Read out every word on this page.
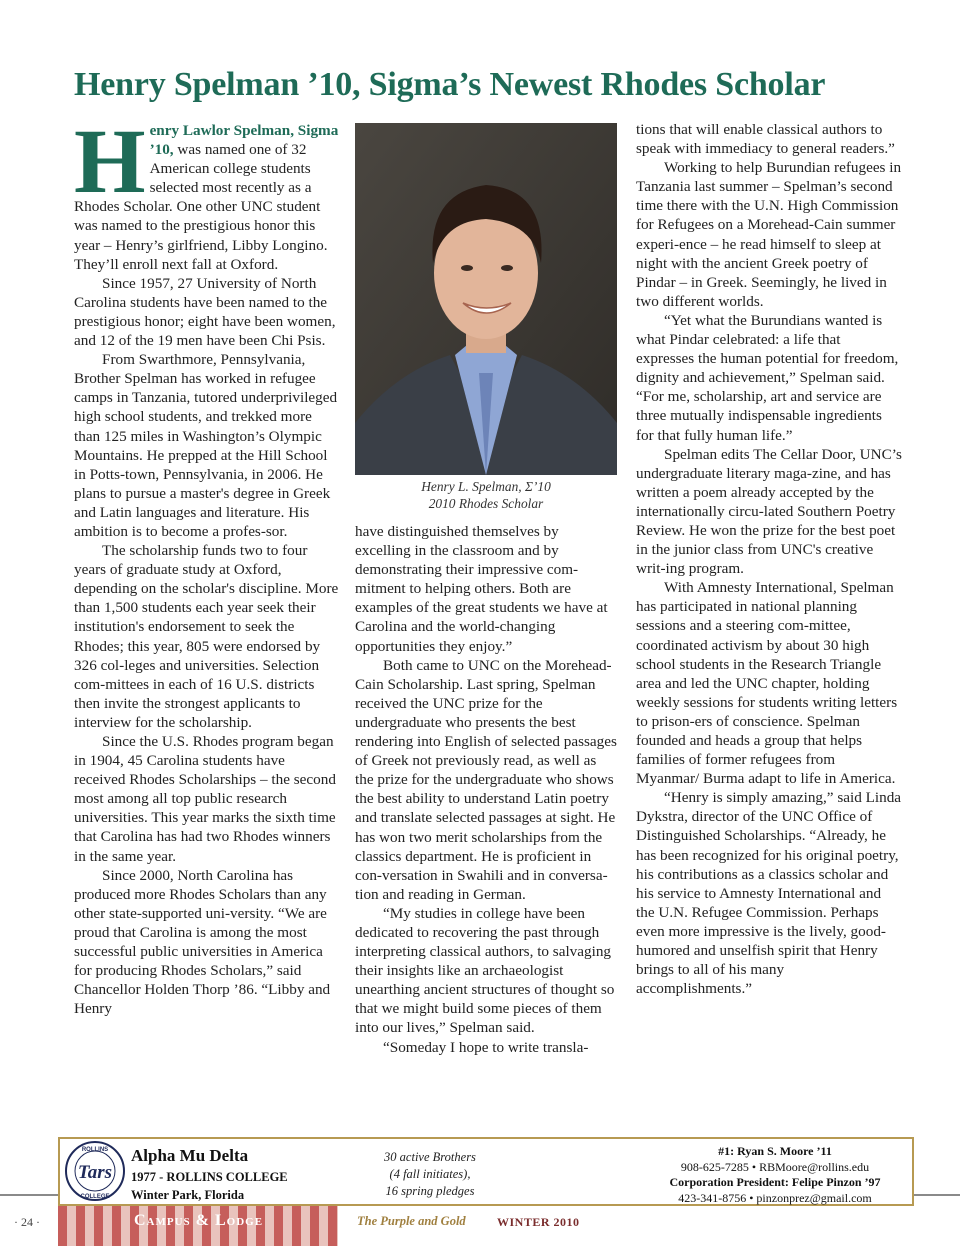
Henry Spelman ’10, Sigma’s Newest Rhodes Scholar

Henry Lawlor Spelman, Sigma ’10, was named one of 32 American college students selected most recently as a Rhodes Scholar. One other UNC student was named to the prestigious honor this year – Henry’s girlfriend, Libby Longino. They’ll enroll next fall at Oxford.

Since 1957, 27 University of North Carolina students have been named to the prestigious honor; eight have been women, and 12 of the 19 men have been Chi Psis.

From Swarthmore, Pennsylvania, Brother Spelman has worked in refugee camps in Tanzania, tutored underprivileged high school students, and trekked more than 125 miles in Washington’s Olympic Mountains. He prepped at the Hill School in Potts-town, Pennsylvania, in 2006. He plans to pursue a master's degree in Greek and Latin languages and literature. His ambition is to become a profes-sor.

The scholarship funds two to four years of graduate study at Oxford, depending on the scholar's discipline. More than 1,500 students each year seek their institution's endorsement to seek the Rhodes; this year, 805 were endorsed by 326 col-leges and universities. Selection com-mittees in each of 16 U.S. districts then invite the strongest applicants to interview for the scholarship.

Since the U.S. Rhodes program began in 1904, 45 Carolina students have received Rhodes Scholarships – the second most among all top public research universities. This year marks the sixth time that Carolina has had two Rhodes winners in the same year.

Since 2000, North Carolina has produced more Rhodes Scholars than any other state-supported uni-versity. “We are proud that Carolina is among the most successful public universities in America for producing Rhodes Scholars,” said Chancellor Holden Thorp ’86. “Libby and Henry

Henry L. Spelman, Σ’10
2010 Rhodes Scholar

have distinguished themselves by excelling in the classroom and by demonstrating their impressive com-mitment to helping others. Both are examples of the great students we have at Carolina and the world-changing opportunities they enjoy.”

Both came to UNC on the Morehead-Cain Scholarship. Last spring, Spelman received the UNC prize for the undergraduate who presents the best rendering into English of selected passages of Greek not previously read, as well as the prize for the undergraduate who shows the best ability to understand Latin poetry and translate selected passages at sight. He has won two merit scholarships from the classics department. He is proficient in con-versation in Swahili and in conversa-tion and reading in German.

“My studies in college have been dedicated to recovering the past through interpreting classical authors, to salvaging their insights like an archaeologist unearthing ancient structures of thought so that we might build some pieces of them into our lives,” Spelman said.

“Someday I hope to write transla-

tions that will enable classical authors to speak with immediacy to general readers.”

Working to help Burundian refugees in Tanzania last summer – Spelman’s second time there with the U.N. High Commission for Refugees on a Morehead-Cain summer experi-ence – he read himself to sleep at night with the ancient Greek poetry of Pindar – in Greek. Seemingly, he lived in two different worlds.

“Yet what the Burundians wanted is what Pindar celebrated: a life that expresses the human potential for freedom, dignity and achievement,” Spelman said. “For me, scholarship, art and service are three mutually indispensable ingredients for that fully human life.”

Spelman edits The Cellar Door, UNC’s undergraduate literary maga-zine, and has written a poem already accepted by the internationally circu-lated Southern Poetry Review. He won the prize for the best poet in the junior class from UNC's creative writ-ing program.

With Amnesty International, Spelman has participated in national planning sessions and a steering com-mittee, coordinated activism by about 30 high school students in the Research Triangle area and led the UNC chapter, holding weekly sessions for students writing letters to prison-ers of conscience. Spelman founded and heads a group that helps families of former refugees from Myanmar/ Burma adapt to life in America.

“Henry is simply amazing,” said Linda Dykstra, director of the UNC Office of Distinguished Scholarships. “Already, he has been recognized for his original poetry, his contributions as a classics scholar and his service to Amnesty International and the U.N. Refugee Commission. Perhaps even more impressive is the lively, good-humored and unselfish spirit that Henry brings to all of his many accomplishments.”

Tars
ROLLINS
COLLEGE
Alpha Mu Delta
1977 - ROLLINS COLLEGE
Winter Park, Florida
30 active Brothers
(4 fall initiates),
16 spring pledges
#1: Ryan S. Moore ’11
908-625-7285 • RBMoore@rollins.edu
Corporation President: Felipe Pinzon ’97
423-341-8756 • pinzonprez@gmail.com
· 24 ·	Campus & Lodge	The Purple and Gold	WINTER 2010
